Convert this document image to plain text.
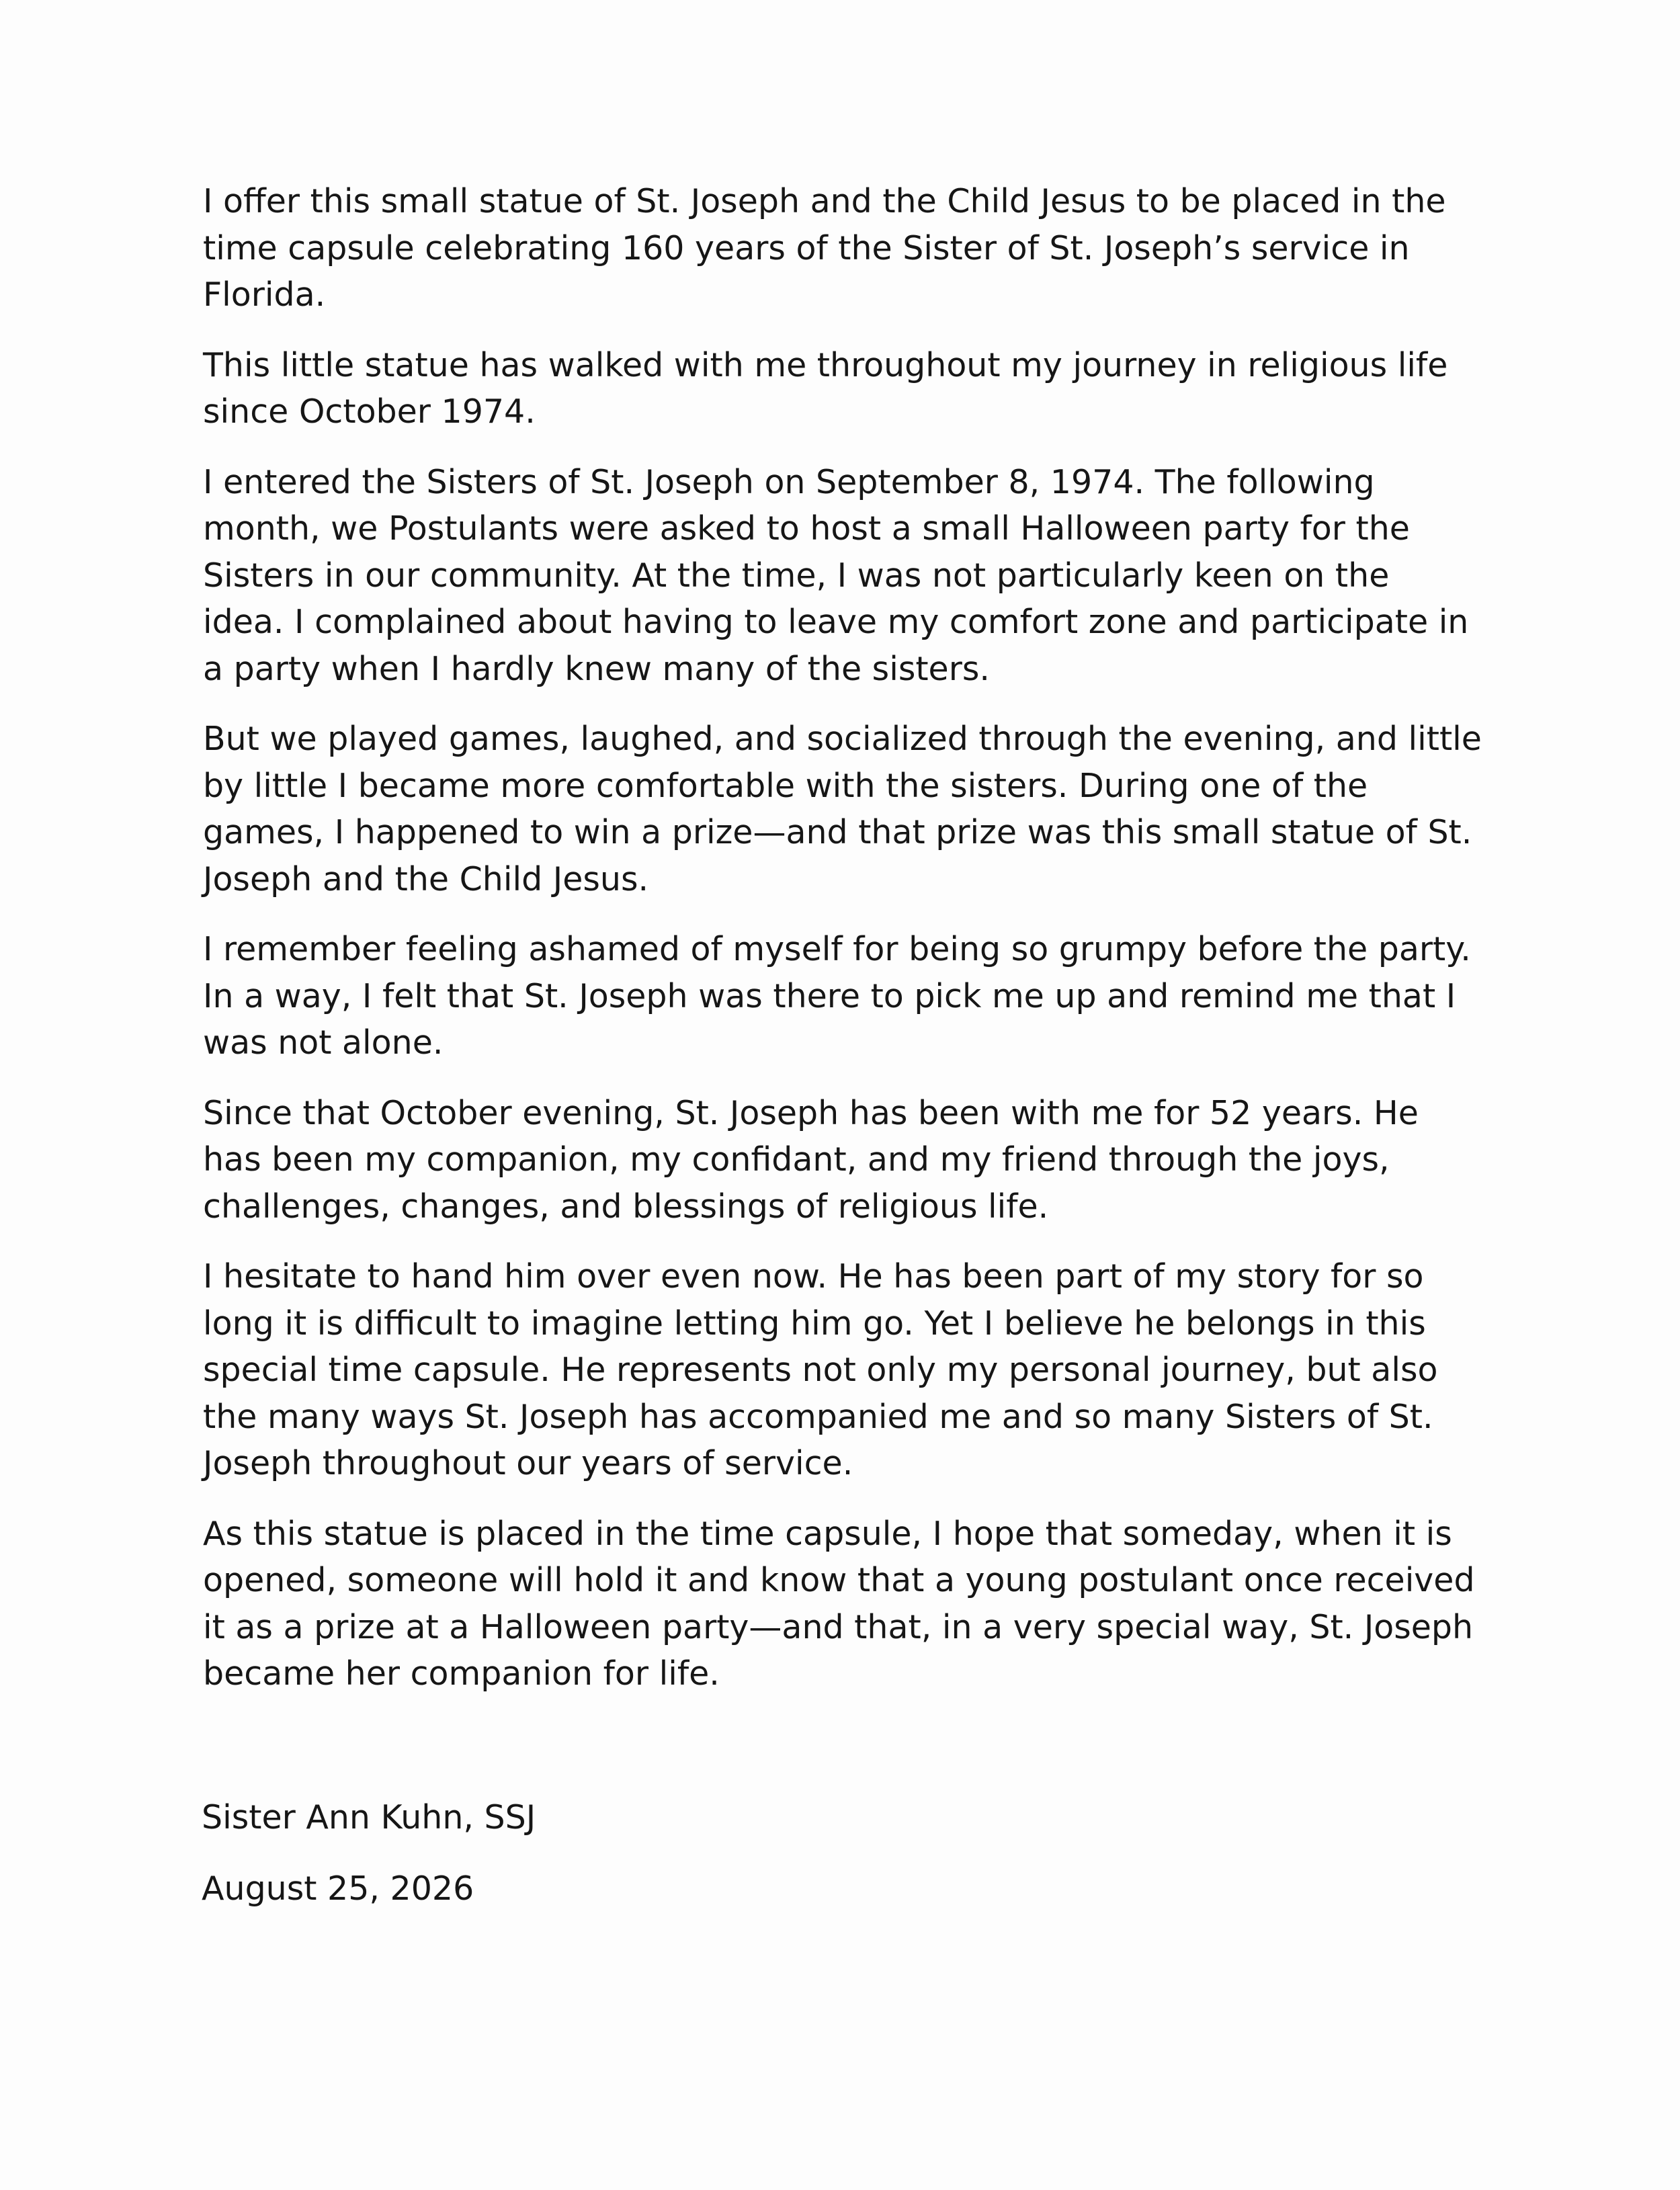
I offer this small statue of St. Joseph and the Child Jesus to be placed in the
time capsule celebrating 160 years of the Sister of St. Joseph’s service in
Florida.

This little statue has walked with me throughout my journey in religious life
since October 1974.

I entered the Sisters of St. Joseph on September 8, 1974. The following
month, we Postulants were asked to host a small Halloween party for the
Sisters in our community. At the time, I was not particularly keen on the
idea. I complained about having to leave my comfort zone and participate in
a party when I hardly knew many of the sisters.

But we played games, laughed, and socialized through the evening, and little
by little I became more comfortable with the sisters. During one of the
games, I happened to win a prize—and that prize was this small statue of St.
Joseph and the Child Jesus.

I remember feeling ashamed of myself for being so grumpy before the party.
In a way, I felt that St. Joseph was there to pick me up and remind me that I
was not alone.

Since that October evening, St. Joseph has been with me for 52 years. He
has been my companion, my confidant, and my friend through the joys,
challenges, changes, and blessings of religious life.

I hesitate to hand him over even now. He has been part of my story for so
long it is difficult to imagine letting him go. Yet I believe he belongs in this
special time capsule. He represents not only my personal journey, but also
the many ways St. Joseph has accompanied me and so many Sisters of St.
Joseph throughout our years of service.

As this statue is placed in the time capsule, I hope that someday, when it is
opened, someone will hold it and know that a young postulant once received
it as a prize at a Halloween party—and that, in a very special way, St. Joseph
became her companion for life.

Sister Ann Kuhn, SSJ

August 25, 2026
